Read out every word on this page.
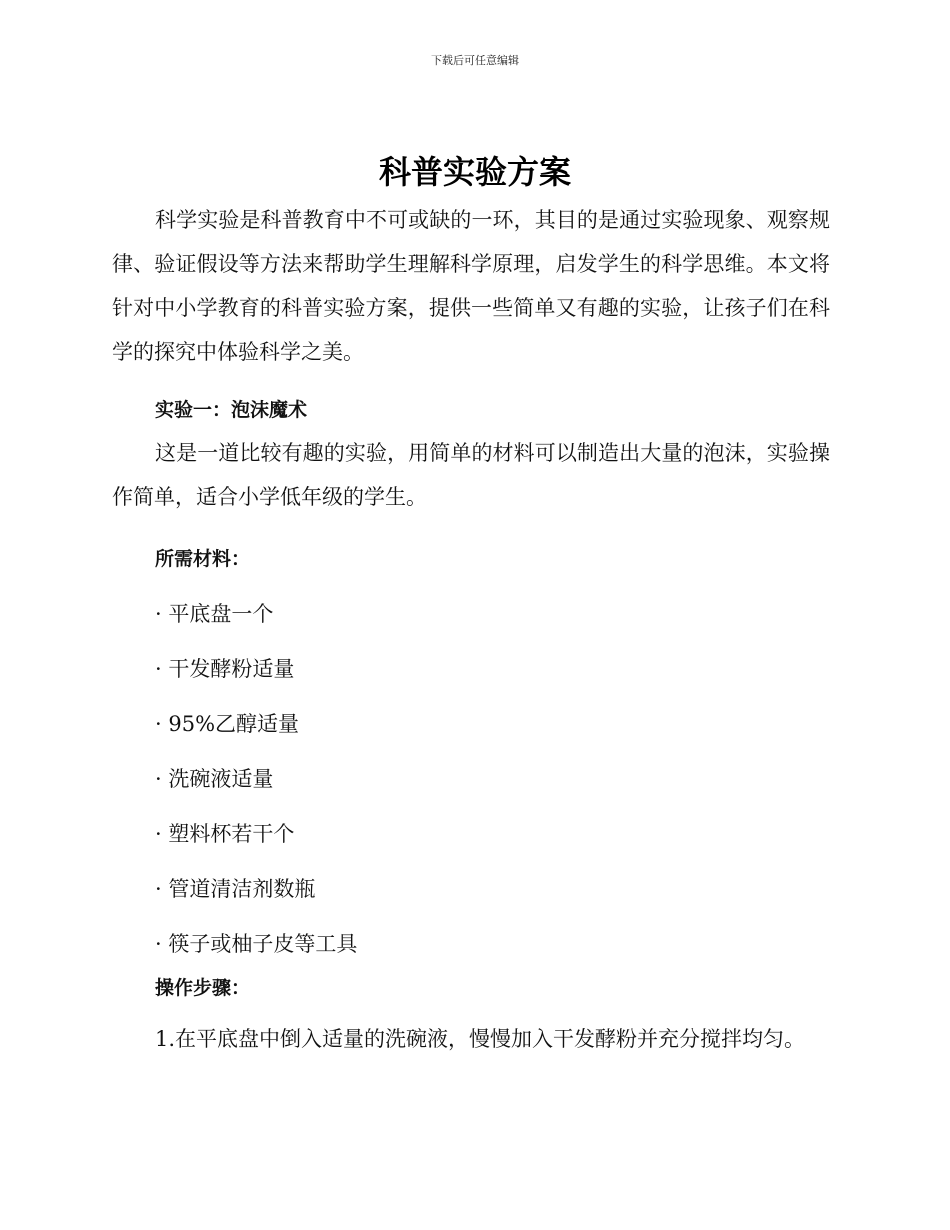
下载后可任意编辑
科普实验方案

科学实验是科普教育中不可或缺的一环，其目的是通过实验现象、观察规律、验证假设等方法来帮助学生理解科学原理，启发学生的科学思维。本文将针对中小学教育的科普实验方案，提供一些简单又有趣的实验，让孩子们在科学的探究中体验科学之美。

实验一：泡沫魔术

这是一道比较有趣的实验，用简单的材料可以制造出大量的泡沫，实验操作简单，适合小学低年级的学生。

所需材料：
· 平底盘一个
· 干发酵粉适量
· 95%乙醇适量
· 洗碗液适量
· 塑料杯若干个
· 管道清洁剂数瓶
· 筷子或柚子皮等工具
操作步骤：

1.在平底盘中倒入适量的洗碗液，慢慢加入干发酵粉并充分搅拌均匀。
